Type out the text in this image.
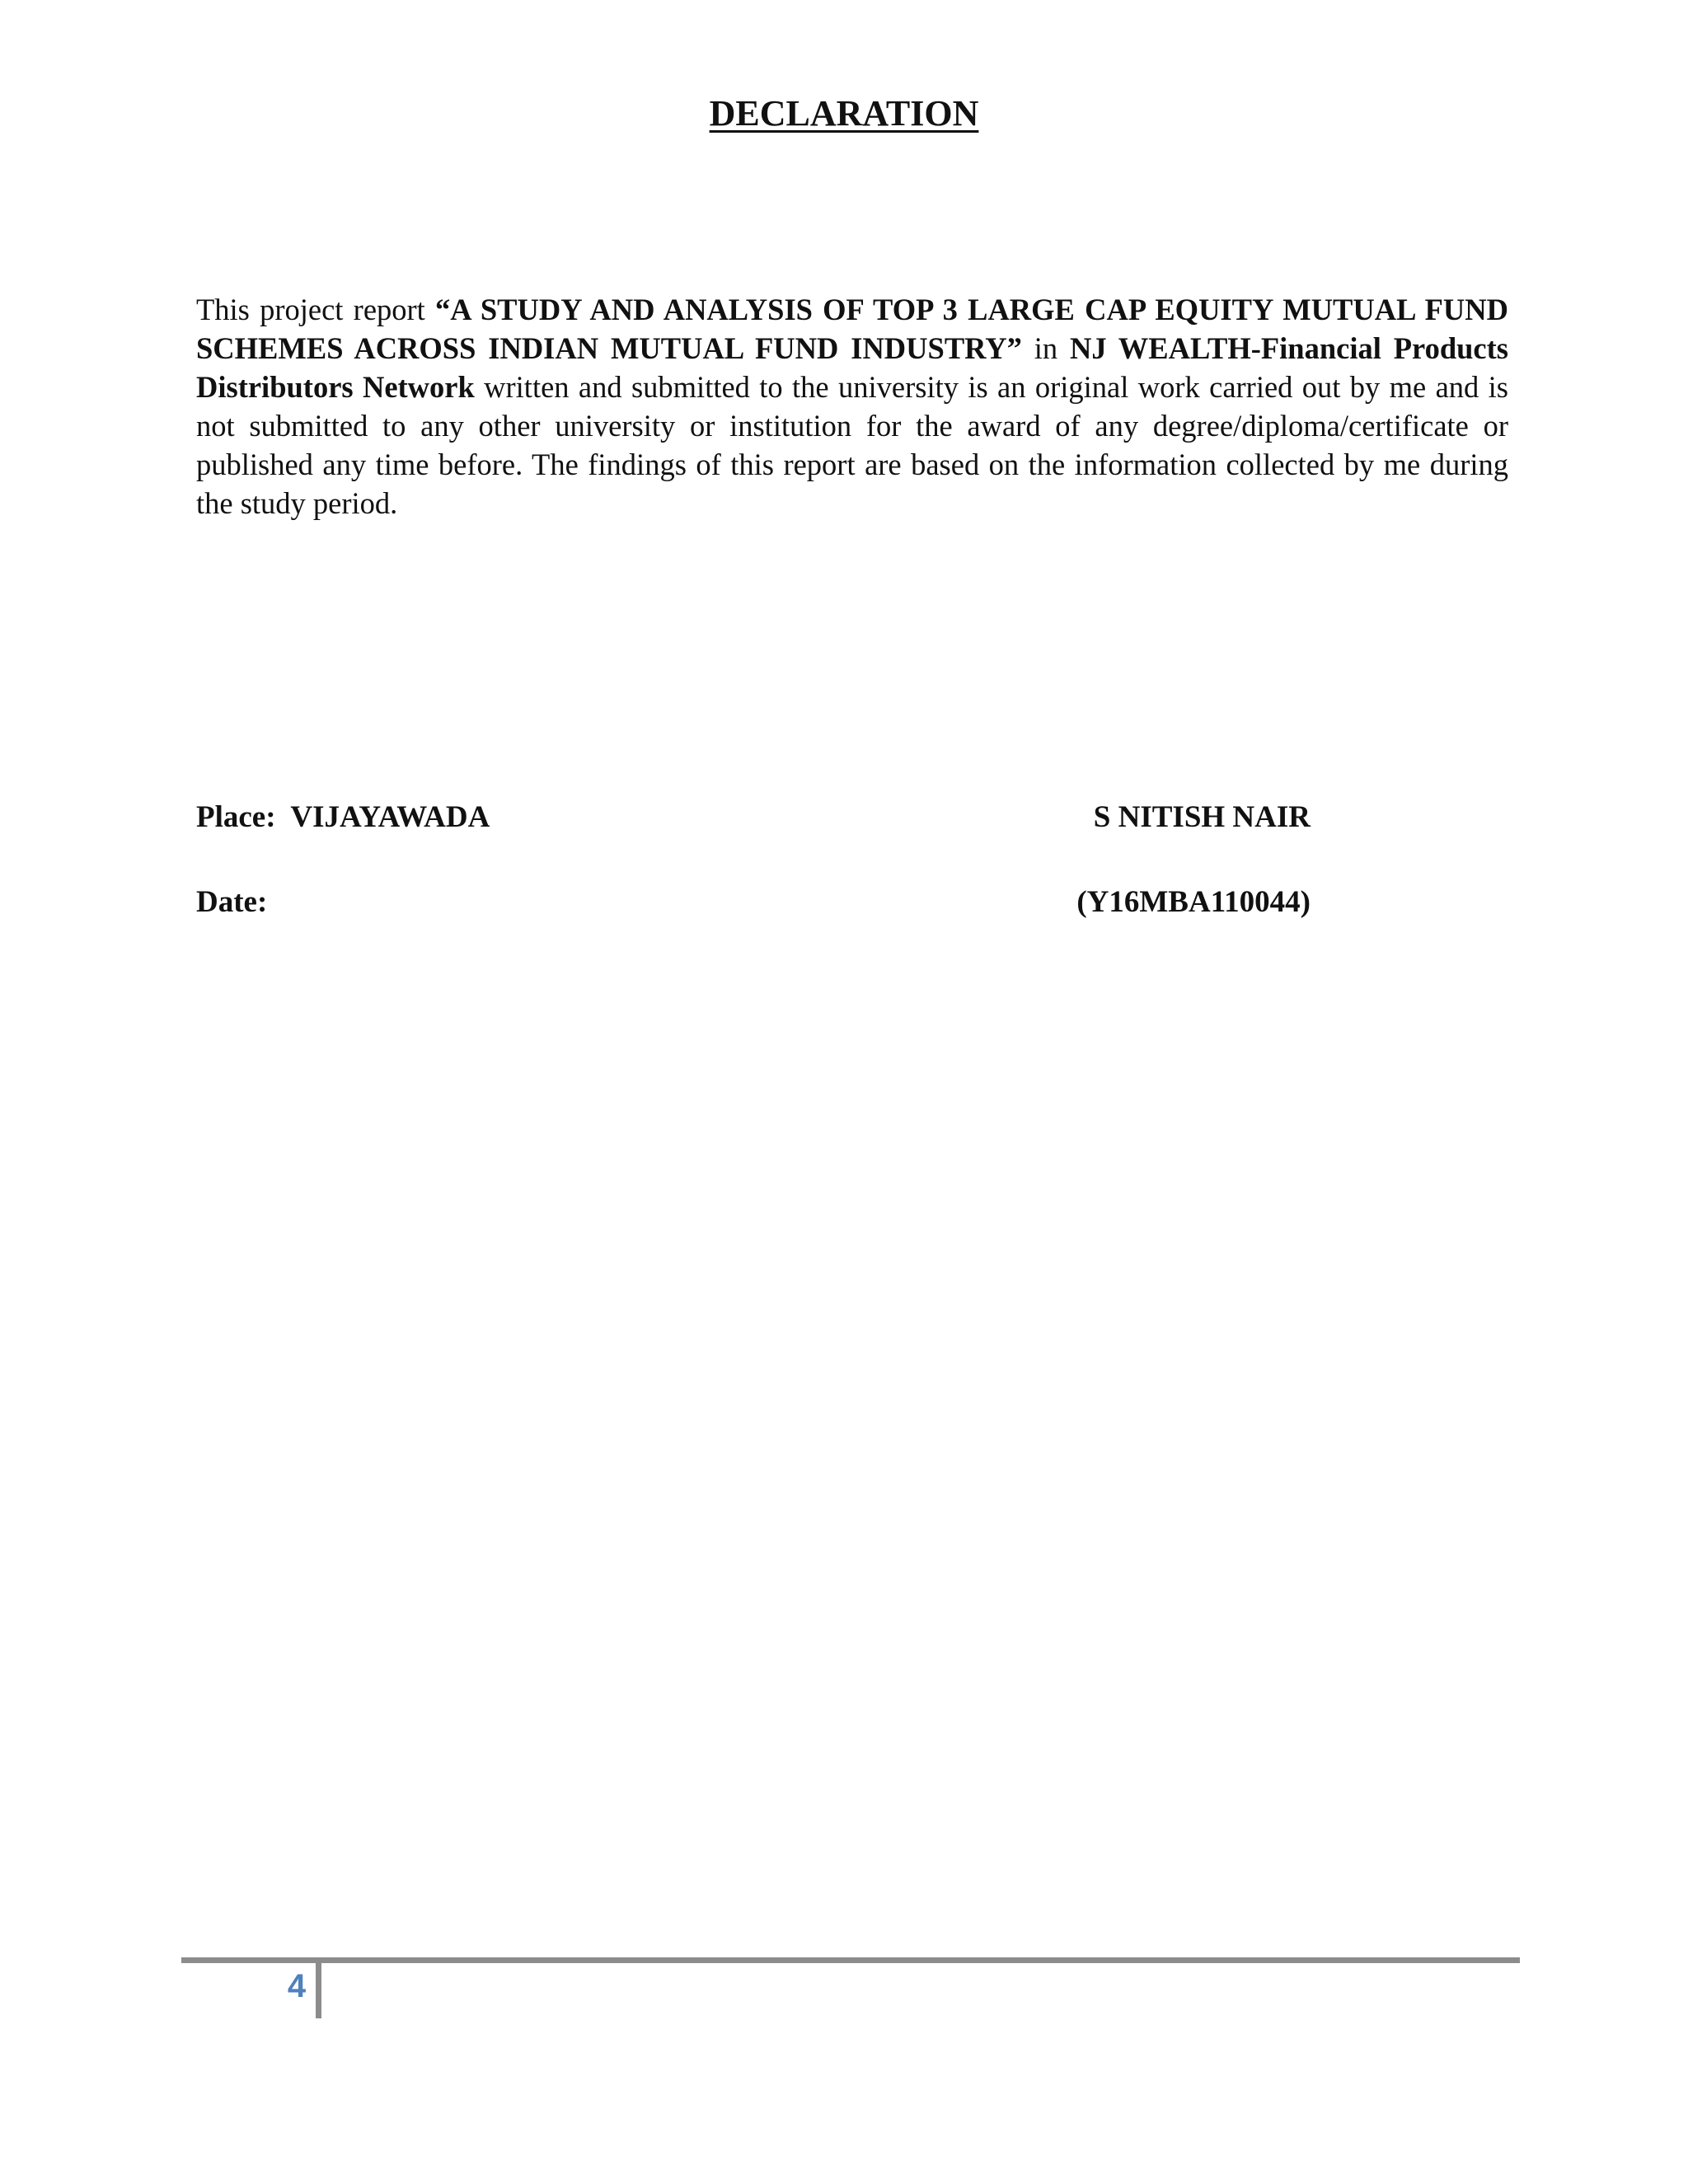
DECLARATION

This project report “A STUDY AND ANALYSIS OF TOP 3 LARGE CAP EQUITY MUTUAL FUND SCHEMES ACROSS INDIAN MUTUAL FUND INDUSTRY” in NJ WEALTH-Financial Products Distributors Network written and submitted to the university is an original work carried out by me and is not submitted to any other university or institution for the award of any degree/diploma/certificate or published any time before. The findings of this report are based on the information collected by me during the study period.

Place:  VIJAYAWADA	S NITISH NAIR
Date:	(Y16MBA110044)
4
